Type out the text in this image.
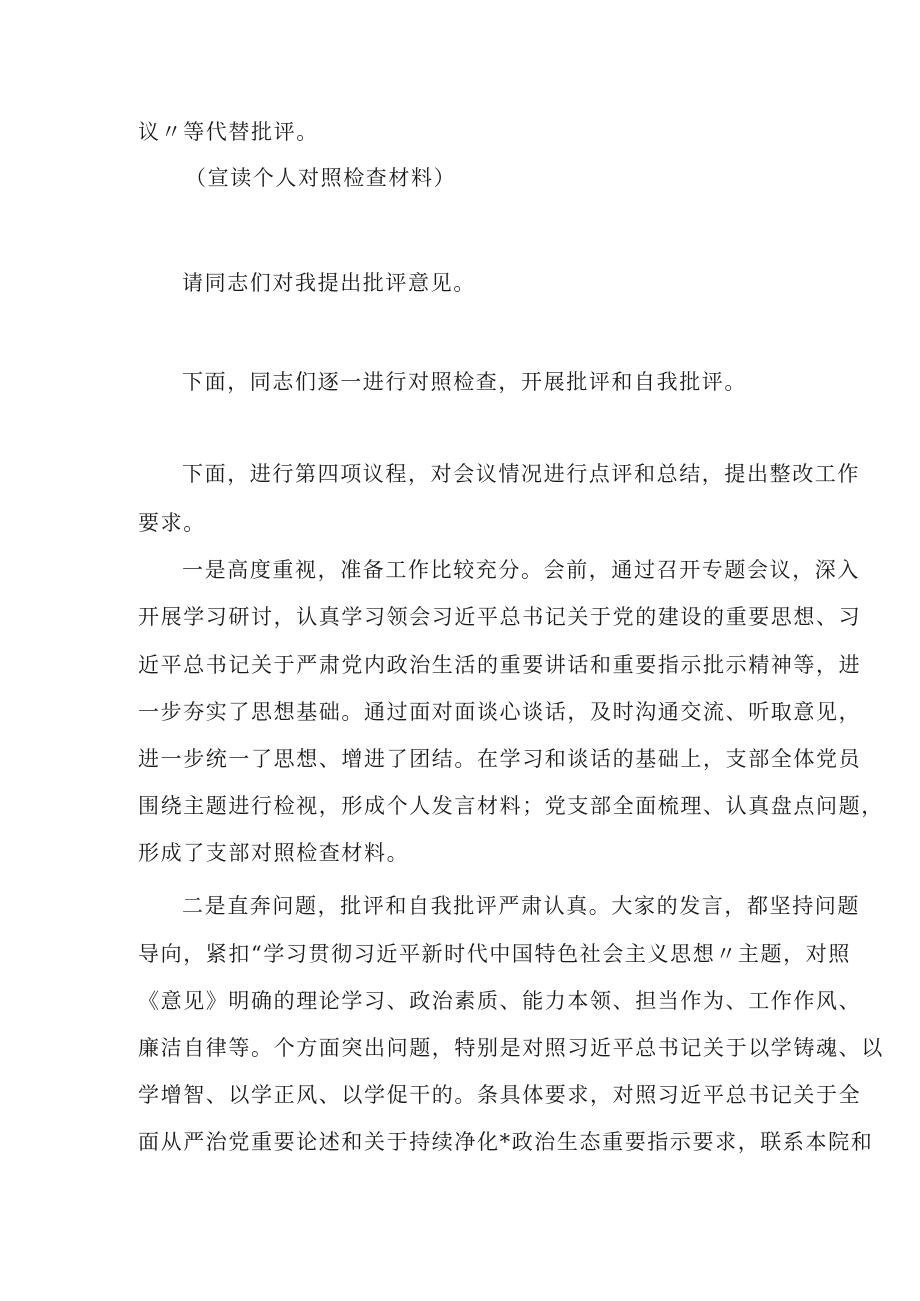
议〃等代替批评。
（宣读个人对照检查材料）
请同志们对我提出批评意见。
下面，同志们逐一进行对照检查，开展批评和自我批评。
下面，进行第四项议程，对会议情况进行点评和总结，提出整改工作
要求。
一是高度重视，准备工作比较充分。会前，通过召开专题会议，深入
开展学习研讨，认真学习领会习近平总书记关于党的建设的重要思想、习
近平总书记关于严肃党内政治生活的重要讲话和重要指示批示精神等，进
一步夯实了思想基础。通过面对面谈心谈话，及时沟通交流、听取意见，
进一步统一了思想、增进了团结。在学习和谈话的基础上，支部全体党员
围绕主题进行检视，形成个人发言材料；党支部全面梳理、认真盘点问题，
形成了支部对照检查材料。
二是直奔问题，批评和自我批评严肃认真。大家的发言，都坚持问题
导向，紧扣“学习贯彻习近平新时代中国特色社会主义思想〃主题，对照
《意见》明确的理论学习、政治素质、能力本领、担当作为、工作作风、
廉洁自律等。个方面突出问题，特别是对照习近平总书记关于以学铸魂、以
学增智、以学正风、以学促干的。条具体要求，对照习近平总书记关于全
面从严治党重要论述和关于持续净化*政治生态重要指示要求，联系本院和
